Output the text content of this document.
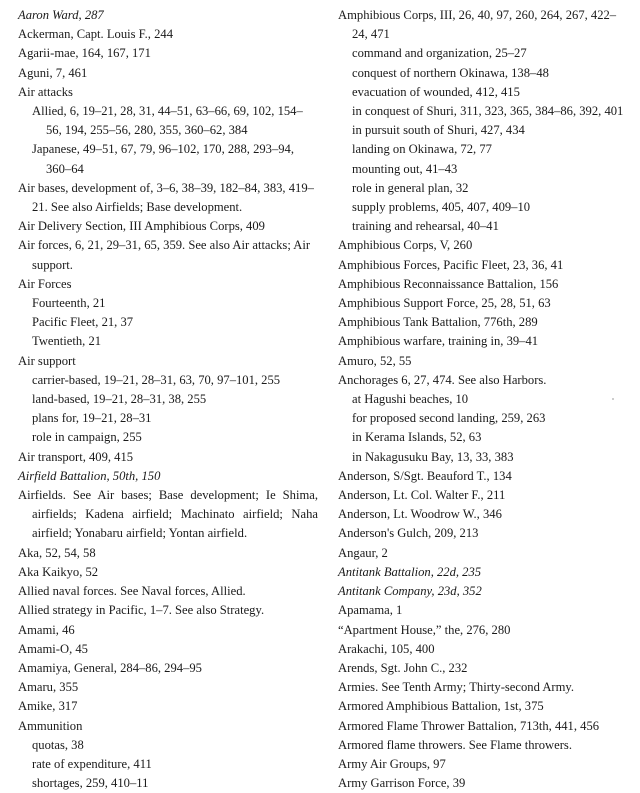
Aaron Ward, 287
Ackerman, Capt. Louis F., 244
Agarii-mae, 164, 167, 171
Aguni, 7, 461
Air attacks
Allied, 6, 19–21, 28, 31, 44–51, 63–66, 69, 102, 154–56, 194, 255–56, 280, 355, 360–62, 384
Japanese, 49–51, 67, 79, 96–102, 170, 288, 293–94, 360–64
Air bases, development of, 3–6, 38–39, 182–84, 383, 419–21. See also Airfields; Base development.
Air Delivery Section, III Amphibious Corps, 409
Air forces, 6, 21, 29–31, 65, 359. See also Air attacks; Air support.
Air Forces
Fourteenth, 21
Pacific Fleet, 21, 37
Twentieth, 21
Air support
carrier-based, 19–21, 28–31, 63, 70, 97–101, 255
land-based, 19–21, 28–31, 38, 255
plans for, 19–21, 28–31
role in campaign, 255
Air transport, 409, 415
Airfield Battalion, 50th, 150
Airfields. See Air bases; Base development; Ie Shima, airfields; Kadena airfield; Machinato airfield; Naha airfield; Yonabaru airfield; Yontan airfield.
Aka, 52, 54, 58
Aka Kaikyo, 52
Allied naval forces. See Naval forces, Allied.
Allied strategy in Pacific, 1–7. See also Strategy.
Amami, 46
Amami-O, 45
Amamiya, General, 284–86, 294–95
Amaru, 355
Amike, 317
Ammunition
quotas, 38
rate of expenditure, 411
shortages, 259, 410–11
Amphibious Corps, III, 26, 40, 97, 260, 264, 267, 422–24, 471
command and organization, 25–27
conquest of northern Okinawa, 138–48
evacuation of wounded, 412, 415
in conquest of Shuri, 311, 323, 365, 384–86, 392, 401
in pursuit south of Shuri, 427, 434
landing on Okinawa, 72, 77
mounting out, 41–43
role in general plan, 32
supply problems, 405, 407, 409–10
training and rehearsal, 40–41
Amphibious Corps, V, 260
Amphibious Forces, Pacific Fleet, 23, 36, 41
Amphibious Reconnaissance Battalion, 156
Amphibious Support Force, 25, 28, 51, 63
Amphibious Tank Battalion, 776th, 289
Amphibious warfare, training in, 39–41
Amuro, 52, 55
Anchorages 6, 27, 474. See also Harbors.
at Hagushi beaches, 10
for proposed second landing, 259, 263
in Kerama Islands, 52, 63
in Nakagusuku Bay, 13, 33, 383
Anderson, S/Sgt. Beauford T., 134
Anderson, Lt. Col. Walter F., 211
Anderson, Lt. Woodrow W., 346
Anderson's Gulch, 209, 213
Angaur, 2
Antitank Battalion, 22d, 235
Antitank Company, 23d, 352
Apamama, 1
“Apartment House,” the, 276, 280
Arakachi, 105, 400
Arends, Sgt. John C., 232
Armies. See Tenth Army; Thirty-second Army.
Armored Amphibious Battalion, 1st, 375
Armored Flame Thrower Battalion, 713th, 441, 456
Armored flame throwers. See Flame throwers.
Army Air Groups, 97
Army Garrison Force, 39
